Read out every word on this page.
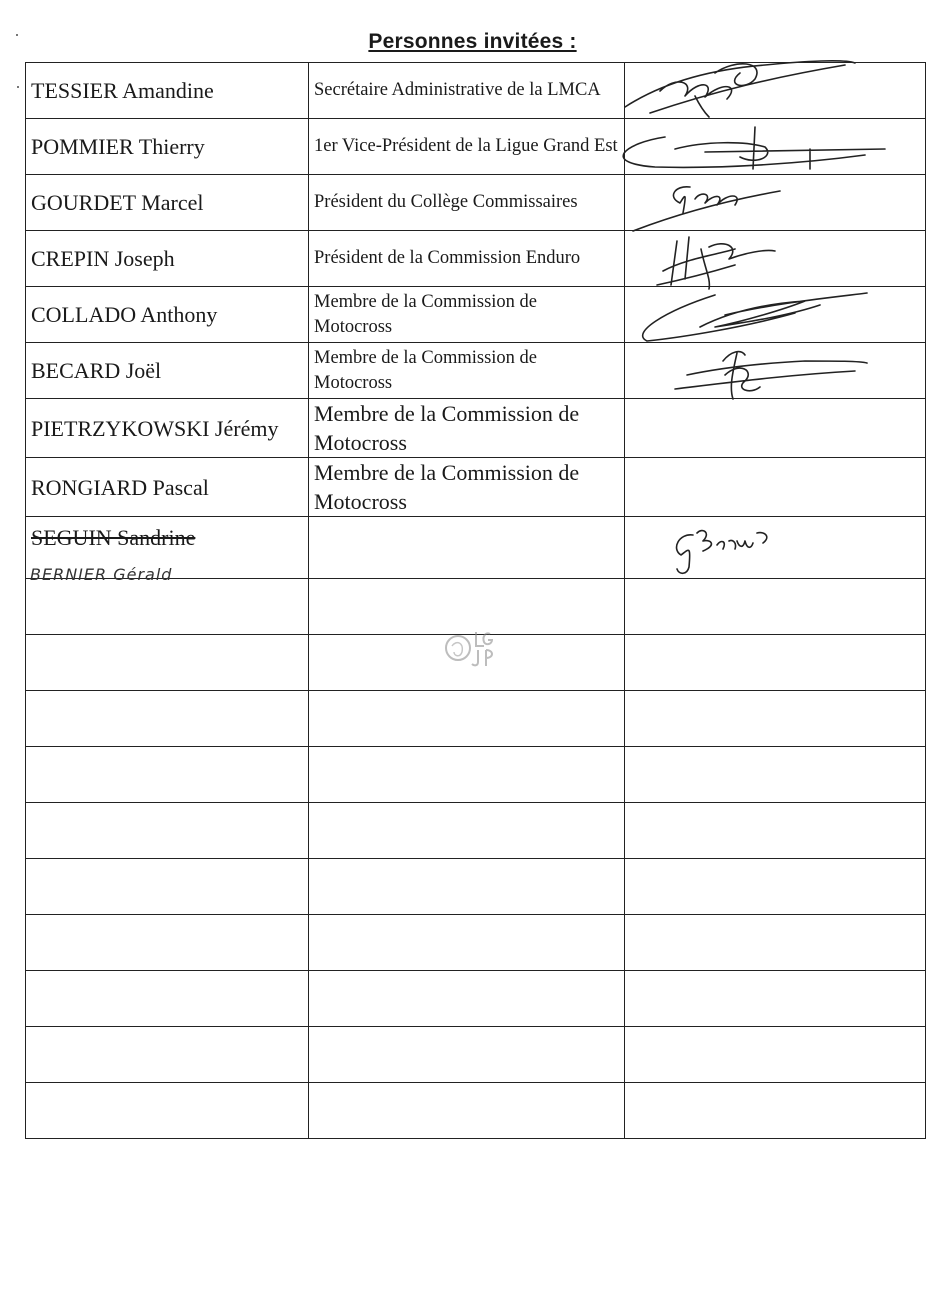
Personnes invitées :
TESSIER Amandine	Secrétaire Administrative de la LMCA	

POMMIER Thierry	1er Vice-Président de la Ligue Grand Est	

GOURDET Marcel	Président du Collège Commissaires	

CREPIN Joseph	Président de la Commission Enduro	

COLLADO Anthony	Membre de la Commission de Motocross	

BECARD Joël	Membre de la Commission de Motocross	

PIETRZYKOWSKI Jérémy	Membre de la Commission de Motocross	
RONGIARD Pascal	Membre de la Commission de Motocross	
SEGUIN Sandrine		

BERNIER Gérald
